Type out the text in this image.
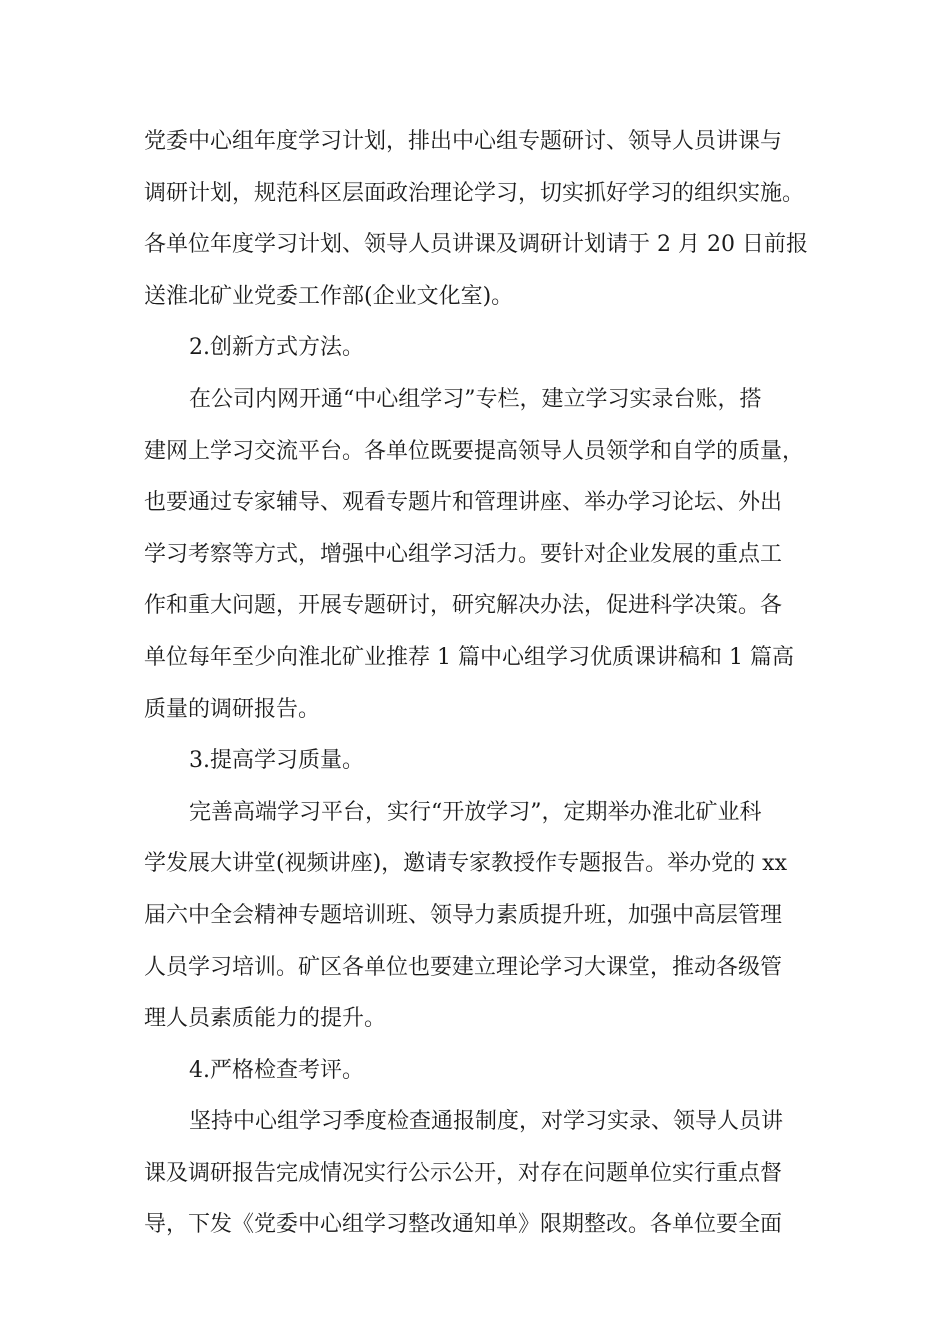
党委中心组年度学习计划，排出中心组专题研讨、领导人员讲课与
调研计划，规范科区层面政治理论学习，切实抓好学习的组织实施。
各单位年度学习计划、领导人员讲课及调研计划请于 2 月 20 日前报
送淮北矿业党委工作部(企业文化室)。
2.创新方式方法。
在公司内网开通“中心组学习”专栏，建立学习实录台账，搭
建网上学习交流平台。各单位既要提高领导人员领学和自学的质量，
也要通过专家辅导、观看专题片和管理讲座、举办学习论坛、外出
学习考察等方式，增强中心组学习活力。要针对企业发展的重点工
作和重大问题，开展专题研讨，研究解决办法，促进科学决策。各
单位每年至少向淮北矿业推荐 1 篇中心组学习优质课讲稿和 1 篇高
质量的调研报告。
3.提高学习质量。
完善高端学习平台，实行“开放学习”，定期举办淮北矿业科
学发展大讲堂(视频讲座)，邀请专家教授作专题报告。举办党的 xx
届六中全会精神专题培训班、领导力素质提升班，加强中高层管理
人员学习培训。矿区各单位也要建立理论学习大课堂，推动各级管
理人员素质能力的提升。
4.严格检查考评。
坚持中心组学习季度检查通报制度，对学习实录、领导人员讲
课及调研报告完成情况实行公示公开，对存在问题单位实行重点督
导，下发《党委中心组学习整改通知单》限期整改。各单位要全面
